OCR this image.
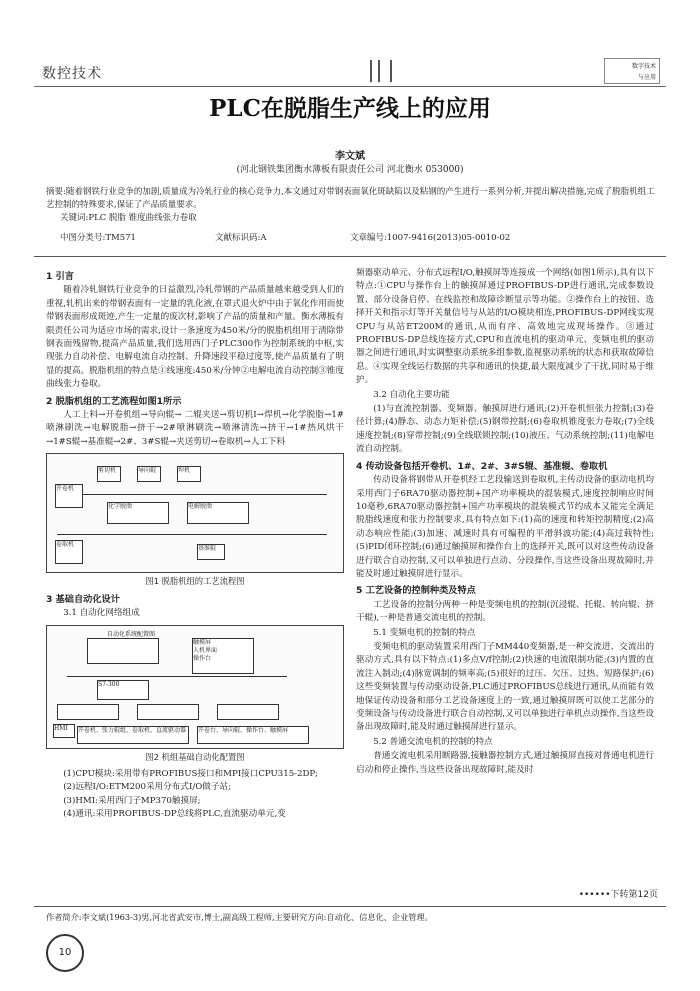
数控技术	数字技术
与应用
PLC在脱脂生产线上的应用
李文斌
(河北钢铁集团衡水薄板有限责任公司 河北衡水 053000)
摘要:随着钢铁行业竞争的加剧,质量成为冷轧行业的核心竞争力,本文通过对带钢表面氧化斑缺陷以及粘钢的产生进行一系列分析,并提出解决措施,完成了脱脂机组工艺控制的特殊要求,保证了产品质量要求。
关键词:PLC 脱脂 锥度曲线张力卷取
中图分类号:TM571	文献标识码:A	文章编号:1007-9416(2013)05-0010-02
1 引言

随着冷轧钢铁行业竞争的日益激烈,冷轧带钢的产品质量越来越受到人们的重视,轧机出来的带钢表面有一定量的乳化液,在罩式退火炉中由于氧化作用而使带钢表面形成斑迹,产生一定量的废次材,影响了产品的质量和产量。衡水薄板有限责任公司为适应市场的需求,设计一条速度为450米/分的脱脂机组用于清除带钢表面残留物,提高产品质量,我们选用西门子PLC300作为控制系统的中枢,实现张力自动补偿、电解电流自动控制、升降速段平稳过度等,使产品质量有了明显的提高。脱脂机组的特点是①线速度:450米/分钟②电解电流自动控制③锥度曲线张力卷取。

2 脱脂机组的工艺流程如图1所示

人工上料→开卷机组→导向辊→ 二辊夹送→剪切机Ⅰ→焊机→化学脱脂→1#喷淋刷洗→电解脱脂→挤干→2#喷淋刷洗→喷淋清洗→挤干→1#热风烘干→1#S辊→基准辊→2#、3#S辊→夹送剪切→卷取机→人工下料

开卷机
剪切机	导向辊	焊机
化学脱脂	电解脱脂
卷取机
基准辊
图1 脱脂机组的工艺流程图
3 基础自动化设计
3.1 自动化网络组成
自动化系统配置图
触摸屏
人机界面
操作台
S7-300
HMI	开卷机、张力辊组、卷取机、直流驱动器	开卷台、导向辊、操作台、触摸屏
图2 机组基础自动化配置图

(1)CPU模块:采用带有PROFIBUS接口和MPI接口CPU315-2DP;

(2)远程I/O:ETM200采用分布式I/O做子站;

(3)HMI:采用西门子MP370触摸屏;

(4)通讯:采用PROFIBUS-DP总线将PLC,直流驱动单元,变

频器驱动单元、分布式远程I/O,触摸屏等连接成一个网络(如图1所示),具有以下特点:①CPU与操作台上的触摸屏通过PROFIBUS-DP进行通讯,完成参数设置、部分设备启停、在线监控和故障诊断显示等功能。②操作台上的按钮、选择开关和指示灯等开关量信号与从站的I/O模块相连,PROFIBUS-DP网线实现CPU与从站ET200M的通讯,从而有序、高效地完成现场操作。③通过PROFIBUS-DP总线连接方式,CPU和直流电机的驱动单元、变频电机的驱动器之间进行通讯,时实调整驱动系统多组参数,监视驱动系统的状态和获取故障信息。④实现全线运行数据的共享和通讯的快捷,最大限度减少了干扰,同时易于维护。

3.2 自动化主要功能

(1)与直流控制器、变频器、触摸屏进行通讯;(2)开卷机恒张力控制;(3)卷径计算;(4)静态、动态力矩补偿;(5)钢带控制;(6)卷取机锥度张力卷取;(7)全线速度控制;(8)穿带控制;(9)全线联锁控制;(10)液压、气动系统控制;(11)电解电流自动控制。

4 传动设备包括开卷机、1#、2#、3#S辊、基准辊、卷取机

传动设备将钢带从开卷机经工艺段输送到卷取机,主传动设备的驱动电机均采用西门子6RA70驱动器控制+国产功率模块的混装模式,速度控制响应时间10毫秒,6RA70驱动器控制+国产功率模块的混装模式节约成本又能完全满足脱脂线速度和张力控制要求,具有特点如下:(1)高的速度和转矩控制精度;(2)高动态响应性能;(3)加速、减速时具有可编程的平滑斜波功能;(4)高过载特性;(5)PID闭环控制;(6)通过触摸屏和操作台上的选择开关,既可以对这些传动设备进行联合自动控制,又可以单独进行点动、分段操作,当这些设备出现故障时,并能及时通过触摸屏进行显示。

5 工艺设备的控制种类及特点

工艺设备的控制分两种一种是变频电机的控制(沉浸辊、托辊、转向辊、挤干辊),一种是普通交流电机的控制。

5.1 变频电机的控制的特点

变频电机的驱动装置采用西门子MM440变频器,是一种交流进、交流出的驱动方式,具有以下特点:(1)多点V/f控制;(2)快速的电流限制功能;(3)内置的直流注入制动;(4)脉宽调制的频率高;(5)很好的过压、欠压、过热、短路保护;(6)这些变频装置与传动驱动设备,PLC通过PROFIBUS总线进行通讯,从而能有效地保证传动设备和部分工艺设备速度上的一致,通过触摸屏既可以使工艺部分的变频设备与传动设备进行联合自动控制,又可以单独进行单机点动操作,当这些设备出现故障时,能及时通过触摸屏进行显示。

5.2 普通交流电机的控制的特点

普通交流电机采用断路器,接触器控制方式,通过触摸屏直接对普通电机进行启动和停止操作,当这些设备出现故障时,能及时

••••••下转第12页
作者简介:李文斌(1963-3)男,河北省武安市,博士,副高级工程师,主要研究方向:自动化、信息化、企业管理。
10
